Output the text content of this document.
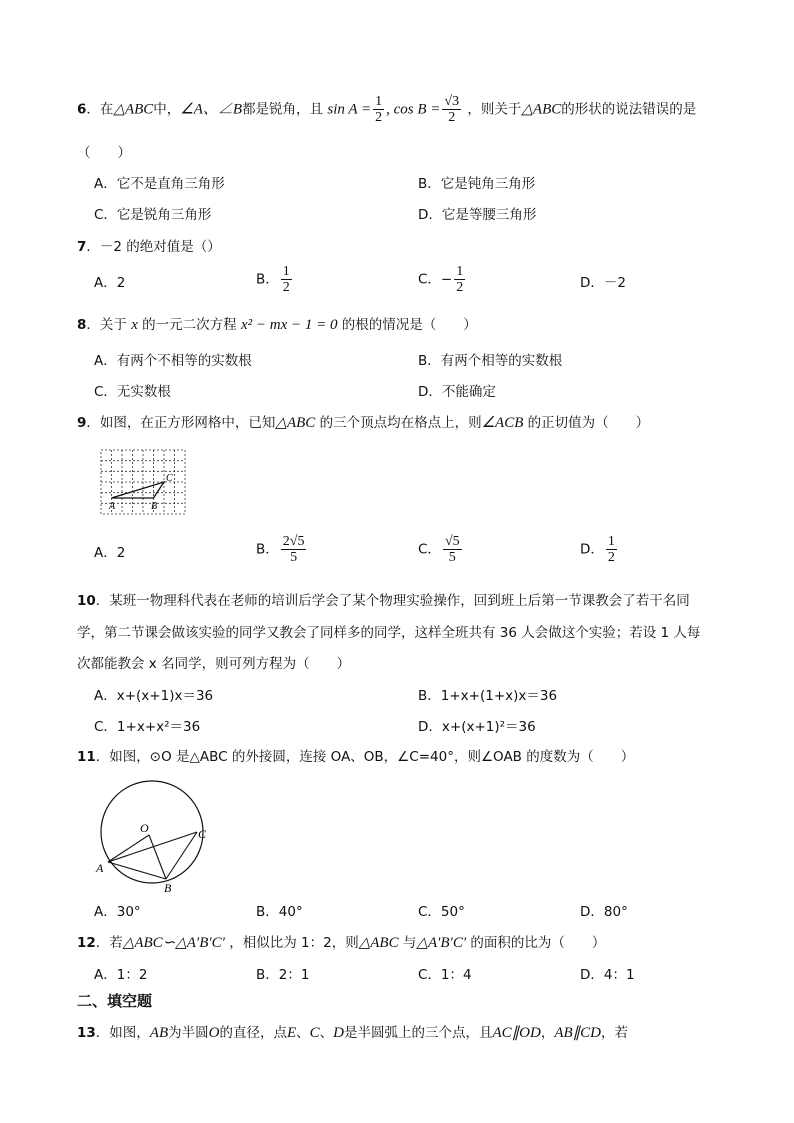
6．在△ABC中，∠A、∠B都是锐角，且 $\sin A = \frac{1}{2}$ , $\cos B = \frac{√3}{2}$ ，则关于△ABC的形状的说法错误的是
（　　）
A．它不是直角三角形	B．它是钝角三角形
C．它是锐角三角形	D．它是等腰三角形
7．－2 的绝对值是（）
A．2	B． $\frac{1}{2}$	C．− $\frac{1}{2}$	D．－2
8．关于 x 的一元二次方程 x² − mx − 1 = 0 的根的情况是（　　）
A．有两个不相等的实数根	B．有两个相等的实数根
C．无实数根	D．不能确定
9．如图，在正方形网格中，已知△ABC 的三个顶点均在格点上，则∠ACB 的正切值为（　　）
A	B
C
A．2	B． $\frac{2√5}{5}$	C． $\frac{√5}{5}$	D． $\frac{1}{2}$
10．某班一物理科代表在老师的培训后学会了某个物理实验操作，回到班上后第一节课教会了若干名同
学，第二节课会做该实验的同学又教会了同样多的同学，这样全班共有 36 人会做这个实验；若设 1 人每
次都能教会 x 名同学，则可列方程为（　　）
A．x+(x+1)x＝36	B．1+x+(1+x)x＝36
C．1+x+x²＝36	D．x+(x+1)²＝36
11．如图，⊙O 是△ABC 的外接圆，连接 OA、OB，∠C=40°，则∠OAB 的度数为（　　）
O
A
B
C
A．30°	B．40°	C．50°	D．80°
12．若△ABC∽△A′B′C′ ，相似比为 1：2，则△ABC 与△A′B′C′ 的面积的比为（　　）
A．1：2	B．2：1	C．1：4	D．4：1
二、填空题
13．如图，AB为半圆O的直径，点E、C、D是半圆弧上的三个点，且AC∥OD，AB∥CD，若
